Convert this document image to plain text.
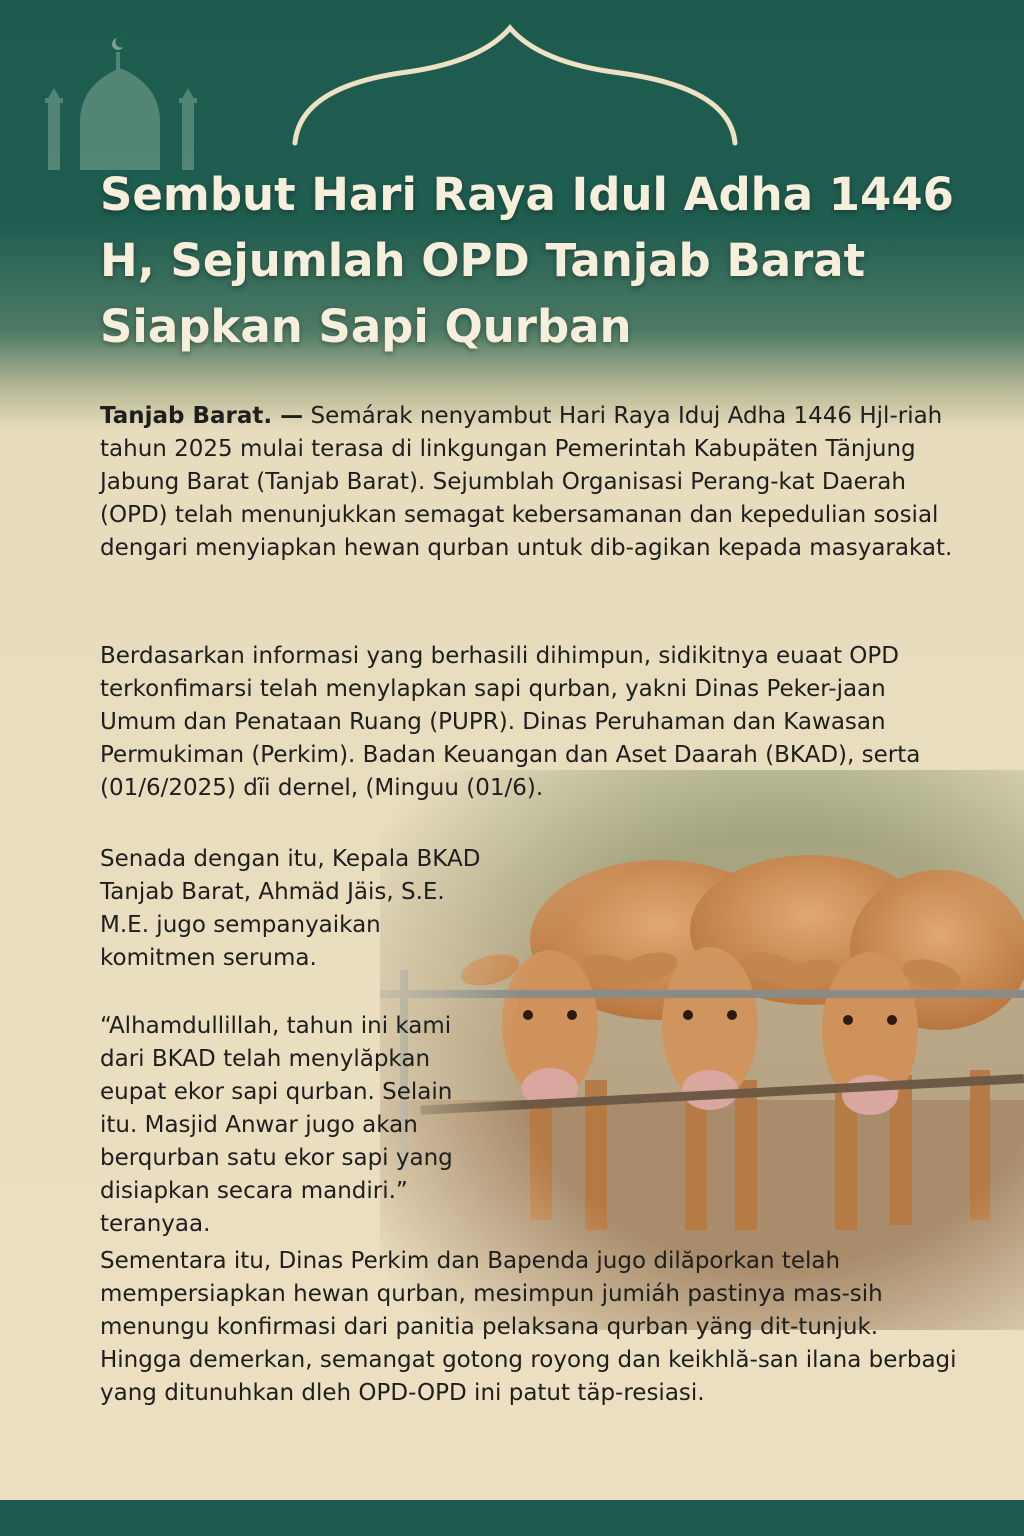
Sembut Hari Raya Idul Adha 1446 H, Sejumlah OPD Tanjab Barat Siapkan Sapi Qurban

Tanjab Barat. — Semárak nenyambut Hari Raya Iduj Adha 1446 Hjl-riah tahun 2025 mulai terasa di linkgungan Pemerintah Kabupäten Tänjung Jabung Barat (Tanjab Barat). Sejumblah Organisasi Perang-kat Daerah (OPD) telah menunjukkan semagat kebersamanan dan kepedulian sosial dengari menyiapkan hewan qurban untuk dib-agikan kepada masyarakat.

Berdasarkan informasi yang berhasili dihimpun, sidikitnya euaat OPD terkonfimarsi telah menylapkan sapi qurban, yakni Dinas Peker-jaan Umum dan Penataan Ruang (PUPR). Dinas Peruhaman dan Kawasan Permukiman (Perkim). Badan Keuangan dan Aset Daarah (BKAD), serta (01/6/2025) dĩi dernel, (Minguu (01/6).

Senada dengan itu, Kepala BKAD Tanjab Barat, Ahmäd Jäis, S.E. M.E. jugo sempanyaikan komitmen seruma.

“Alhamdullillah, tahun ini kami dari BKAD telah menylăpkan eupat ekor sapi qurban. Selain itu. Masjid Anwar jugo akan berqurban satu ekor sapi yang disiapkan secara mandiri.” teranyaa.

Sementara itu, Dinas Perkim dan Bapenda jugo dilăporkan telah mempersiapkan hewan qurban, mesimpun jumiáh pastinya mas-sih menungu konfirmasi dari panitia pelaksana qurban yäng dit-tunjuk. Hingga demerkan, semangat gotong royong dan keikhlă-san ilana berbagi yang ditunuhkan dleh OPD-OPD ini patut täp-resiasi.
